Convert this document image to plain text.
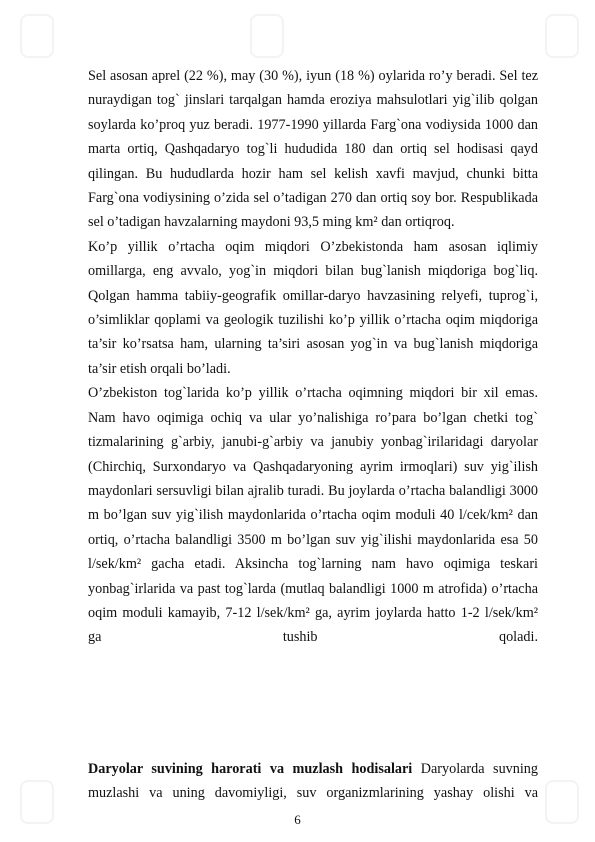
Sel asosan aprel (22 %), may (30 %), iyun (18 %) oylarida ro’y beradi. Sel tez nuraydigan tog` jinslari tarqalgan hamda eroziya mahsulotlari yig`ilib qolgan soylarda ko’proq yuz beradi. 1977-1990 yillarda Farg`ona vodiysida 1000 dan marta ortiq, Qashqadaryo tog`li hududida 180 dan ortiq sel hodisasi qayd qilingan. Bu hududlarda hozir ham sel kelish xavfi mavjud, chunki bitta Farg`ona vodiysining o’zida sel o’tadigan 270 dan ortiq soy bor. Respublikada sel o’tadigan havzalarning maydoni 93,5 ming km² dan ortiqroq.

Ko’p yillik o’rtacha oqim miqdori O’zbekistonda ham asosan iqlimiy omillarga, eng avvalo, yog`in miqdori bilan bug`lanish miqdoriga bog`liq. Qolgan hamma tabiiy-geografik omillar-daryo havzasining relyefi, tuprog`i, o’simliklar qoplami va geologik tuzilishi ko’p yillik o’rtacha oqim miqdoriga ta’sir ko’rsatsa ham, ularning ta’siri asosan yog`in va bug`lanish miqdoriga ta’sir etish orqali bo’ladi.

O’zbekiston tog`larida ko’p yillik o’rtacha oqimning miqdori bir xil emas. Nam havo oqimiga ochiq va ular yo’nalishiga ro’para bo’lgan chetki tog` tizmalarining g`arbiy, janubi-g`arbiy va janubiy yonbag`irilaridagi daryolar (Chirchiq, Surxondaryo va Qashqadaryoning ayrim irmoqlari) suv yig`ilish maydonlari sersuvligi bilan ajralib turadi. Bu joylarda o’rtacha balandligi 3000 m bo’lgan suv yig`ilish maydonlarida o’rtacha oqim moduli 40 l/cek/km² dan ortiq, o’rtacha balandligi 3500 m bo’lgan suv yig`ilishi maydonlarida esa 50 l/sek/km² gacha etadi. Aksincha tog`larning nam havo oqimiga teskari yonbag`irlarida va past tog`larda (mutlaq balandligi 1000 m atrofida) o’rtacha oqim moduli kamayib, 7-12 l/sek/km² ga, ayrim joylarda hatto 1-2 l/sek/km² ga tushib qoladi.

Daryolar suvining harorati va muzlash hodisalari Daryolarda suvning muzlashi va uning davomiyligi, suv organizmlarining yashay olishi va

6
